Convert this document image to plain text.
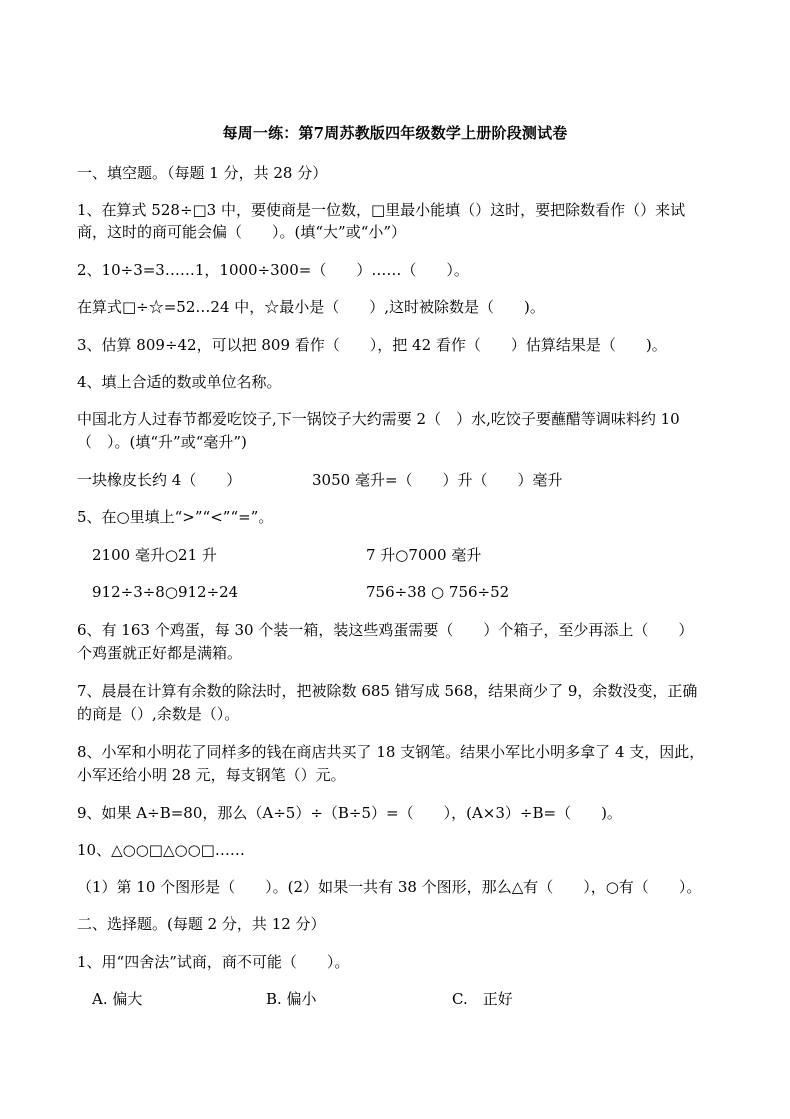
每周一练：第7周苏教版四年级数学上册阶段测试卷
一、填空题。（每题 1 分，共 28 分）
1、在算式 528÷□3 中，要使商是一位数，□里最小能填（）这时，要把除数看作（）来试
商，这时的商可能会偏（　　）。(填“大”或“小”）
2、10÷3=3……1，1000÷300=（　　）……（　　）。
在算式□÷☆=52…24 中，☆最小是（　　）,这时被除数是（　　)。
3、估算 809÷42，可以把 809 看作（　　），把 42 看作（　　）估算结果是（　　)。
4、填上合适的数或单位名称。
中国北方人过春节都爱吃饺子,下一锅饺子大约需要 2（　）水,吃饺子要蘸醋等调味料约 10
（　）。(填“升”或“毫升”)
一块橡皮长约 4（　　）	3050 毫升=（　　）升（　　）毫升
5、在○里填上“>”“<”“=”。
2100 毫升○21 升	7 升○7000 毫升
912÷3÷8○912÷24	756÷38 ○ 756÷52
6、有 163 个鸡蛋，每 30 个装一箱，装这些鸡蛋需要（　　）个箱子，至少再添上（　　）
个鸡蛋就正好都是满箱。
7、晨晨在计算有余数的除法时，把被除数 685 错写成 568，结果商少了 9，余数没变，正确
的商是（）,余数是（）。
8、小军和小明花了同样多的钱在商店共买了 18 支钢笔。结果小军比小明多拿了 4 支，因此，
小军还给小明 28 元，每支钢笔（）元。
9、如果 A÷B=80，那么（A÷5）÷（B÷5）=（　　），(A×3）÷B=（　　)。
10、△○○□△○○□……
（1）第 10 个图形是（　　）。(2）如果一共有 38 个图形，那么△有（　　），○有（　　）。
二、选择题。(每题 2 分，共 12 分）
1、用“四舍法”试商，商不可能（　　）。
A. 偏大	B. 偏小	C.　正好
